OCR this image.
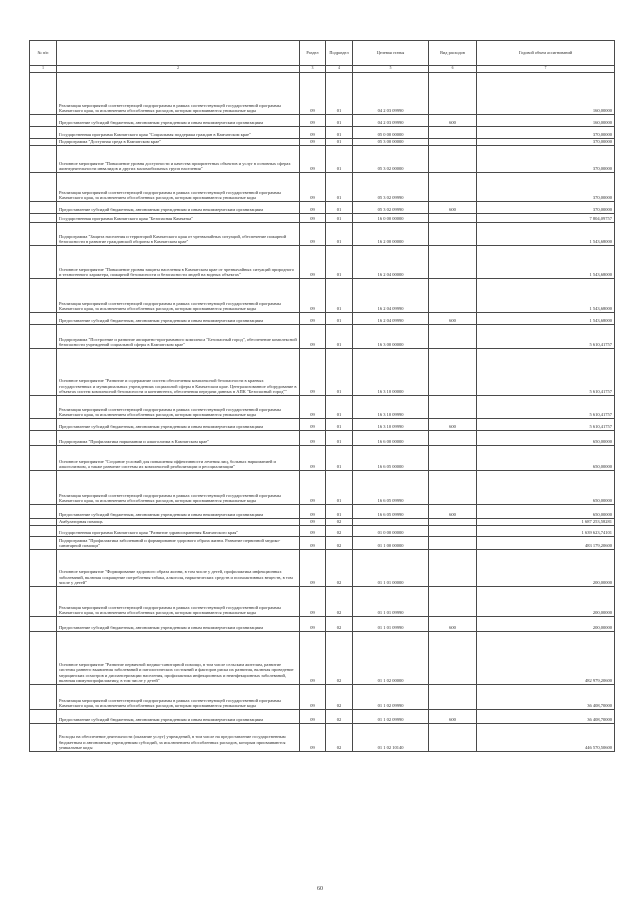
№ п/п		Раздел	Подраздел	Целевая статья	Вид расходов	Годовой объем ассигнований
1	2	3	4	5	6	7
	Реализация мероприятий соответствующей подпрограммы в рамках соответствующей государственной программы Камчатского края, за исключением обособленных расходов, которым присваиваются уникальные коды	09	01	04 2 03 09990		160,00000
	Предоставление субсидий бюджетным, автономным учреждениям и иным некоммерческим организациям	09	01	04 2 03 09990	600	160,00000
	Государственная программа Камчатского края "Социальная поддержка граждан в Камчатском крае"	09	01	05 0 00 00000		370,00000
	Подпрограмма "Доступная среда в Камчатском крае"	09	01	05 3 00 00000		370,00000
	Основное мероприятие "Повышение уровня доступности и качества приоритетных объектов и услуг в основных сферах жизнедеятельности инвалидов и других маломобильных групп населения"	09	01	05 3 02 00000		370,00000
	Реализация мероприятий соответствующей подпрограммы в рамках соответствующей государственной программы Камчатского края, за исключением обособленных расходов, которым присваиваются уникальные коды	09	01	05 3 02 09990		370,00000
	Предоставление субсидий бюджетным, автономным учреждениям и иным некоммерческим организациям	09	01	05 3 02 09990	600	370,00000
	Государственная программа Камчатского края "Безопасная Камчатка"	09	01	16 0 00 00000		7 804,09757
	Подпрограмма "Защита населения и территорий Камчатского края от чрезвычайных ситуаций, обеспечение пожарной безопасности в развитие гражданской обороны в Камчатском крае"	09	01	16 2 00 00000		1 543,68000
	Основное мероприятие "Повышение уровня защиты населения в Камчатском крае от чрезвычайных ситуаций природного и техногенного характера, пожарной безопасности и безопасности людей на водных объектах"	09	01	16 2 04 00000		1 543,68000
	Реализация мероприятий соответствующей подпрограммы в рамках соответствующей государственной программы Камчатского края, за исключением обособленных расходов, которым присваиваются уникальные коды	09	01	16 2 04 09990		1 543,68000
	Предоставление субсидий бюджетным, автономным учреждениям и иным некоммерческим организациям	09	01	16 2 04 09990	600	1 543,68000
	Подпрограмма "Построение и развитие аппаратно-программного комплекса "Безопасный город", обеспечение комплексной безопасности учреждений социальной сферы в Камчатском крае"	09	01	16 3 00 00000		5 610,41757
	Основное мероприятие "Развитие и содержание систем обеспечения комплексной безопасности в краевых государственных и муниципальных учреждениях социальной сферы в Камчатском крае. Централизованное оборудование в объектах систем комплексной безопасности и контингента, обеспечения передачи данных в АПК "Безопасный город""	09	01	16 3 10 00000		5 610,41757
	Реализация мероприятий соответствующей подпрограммы в рамках соответствующей государственной программы Камчатского края, за исключением обособленных расходов, которым присваиваются уникальные коды	09	01	16 3 10 09990		5 610,41757
	Предоставление субсидий бюджетным, автономным учреждениям и иным некоммерческим организациям	09	01	16 3 10 09990	600	5 610,41757
	Подпрограмма "Профилактика наркомании и алкоголизма в Камчатском крае"	09	01	16 6 00 00000		650,00000
	Основное мероприятие "Создание условий для повышения эффективности лечения лиц, больных наркоманией и алкоголизмом, а также развитие системы их комплексной реабилитации и ресоциализации"	09	01	16 6 05 00000		650,00000
	Реализация мероприятий соответствующей подпрограммы в рамках соответствующей государственной программы Камчатского края, за исключением обособленных расходов, которым присваиваются уникальные коды	09	01	16 6 05 09990		650,00000
	Предоставление субсидий бюджетным, автономным учреждениям и иным некоммерческим организациям	09	01	16 6 05 09990	600	650,00000
	Амбулаторная помощь	09	02			1 687 253,58281
	Государственная программа Камчатского края "Развитие здравоохранения Камчатского края"	09	02	01 0 00 00000		1 639 623,74101
	Подпрограмма "Профилактика заболеваний и формирование здорового образа жизни. Развитие первичной медико-санитарной помощи"	09	02	01 1 00 00000		483 179,20600
	Основное мероприятие "Формирование здорового образа жизни, в том числе у детей, профилактика инфекционных заболеваний, включая сокращение потребления табака, алкоголя, наркотических средств и психоактивных веществ, в том числе у детей"	09	02	01 1 01 00000		200,00000
	Реализация мероприятий соответствующей подпрограммы в рамках соответствующей государственной программы Камчатского края, за исключением обособленных расходов, которым присваиваются уникальные коды	09	02	01 1 01 09990		200,00000
	Предоставление субсидий бюджетным, автономным учреждениям и иным некоммерческим организациям	09	02	01 1 01 09990	600	200,00000
	Основное мероприятие "Развитие первичной медико-санитарной помощи, в том числе сельским жителям, развитие системы раннего выявления заболеваний и патологических состояний и факторов риска их развития, включая проведение медицинских осмотров и диспансеризации населения, профилактика инфекционных и неинфекционных заболеваний, включая иммунопрофилактику, в том числе у детей"	09	02	01 1 02 00000		482 979,20600
	Реализация мероприятий соответствующей подпрограммы в рамках соответствующей государственной программы Камчатского края, за исключением обособленных расходов, которым присваиваются уникальные коды	09	02	01 1 02 09990		36 408,70000
	Предоставление субсидий бюджетным, автономным учреждениям и иным некоммерческим организациям	09	02	01 1 02 09990	600	36 408,70000
	Расходы на обеспечение деятельности (оказание услуг) учреждений, в том числе на предоставление государственным бюджетным и автономным учреждениям субсидий, за исключением обособленных расходов, которым присваиваются уникальные коды	09	02	01 1 02 10140		446 570,50600
60
